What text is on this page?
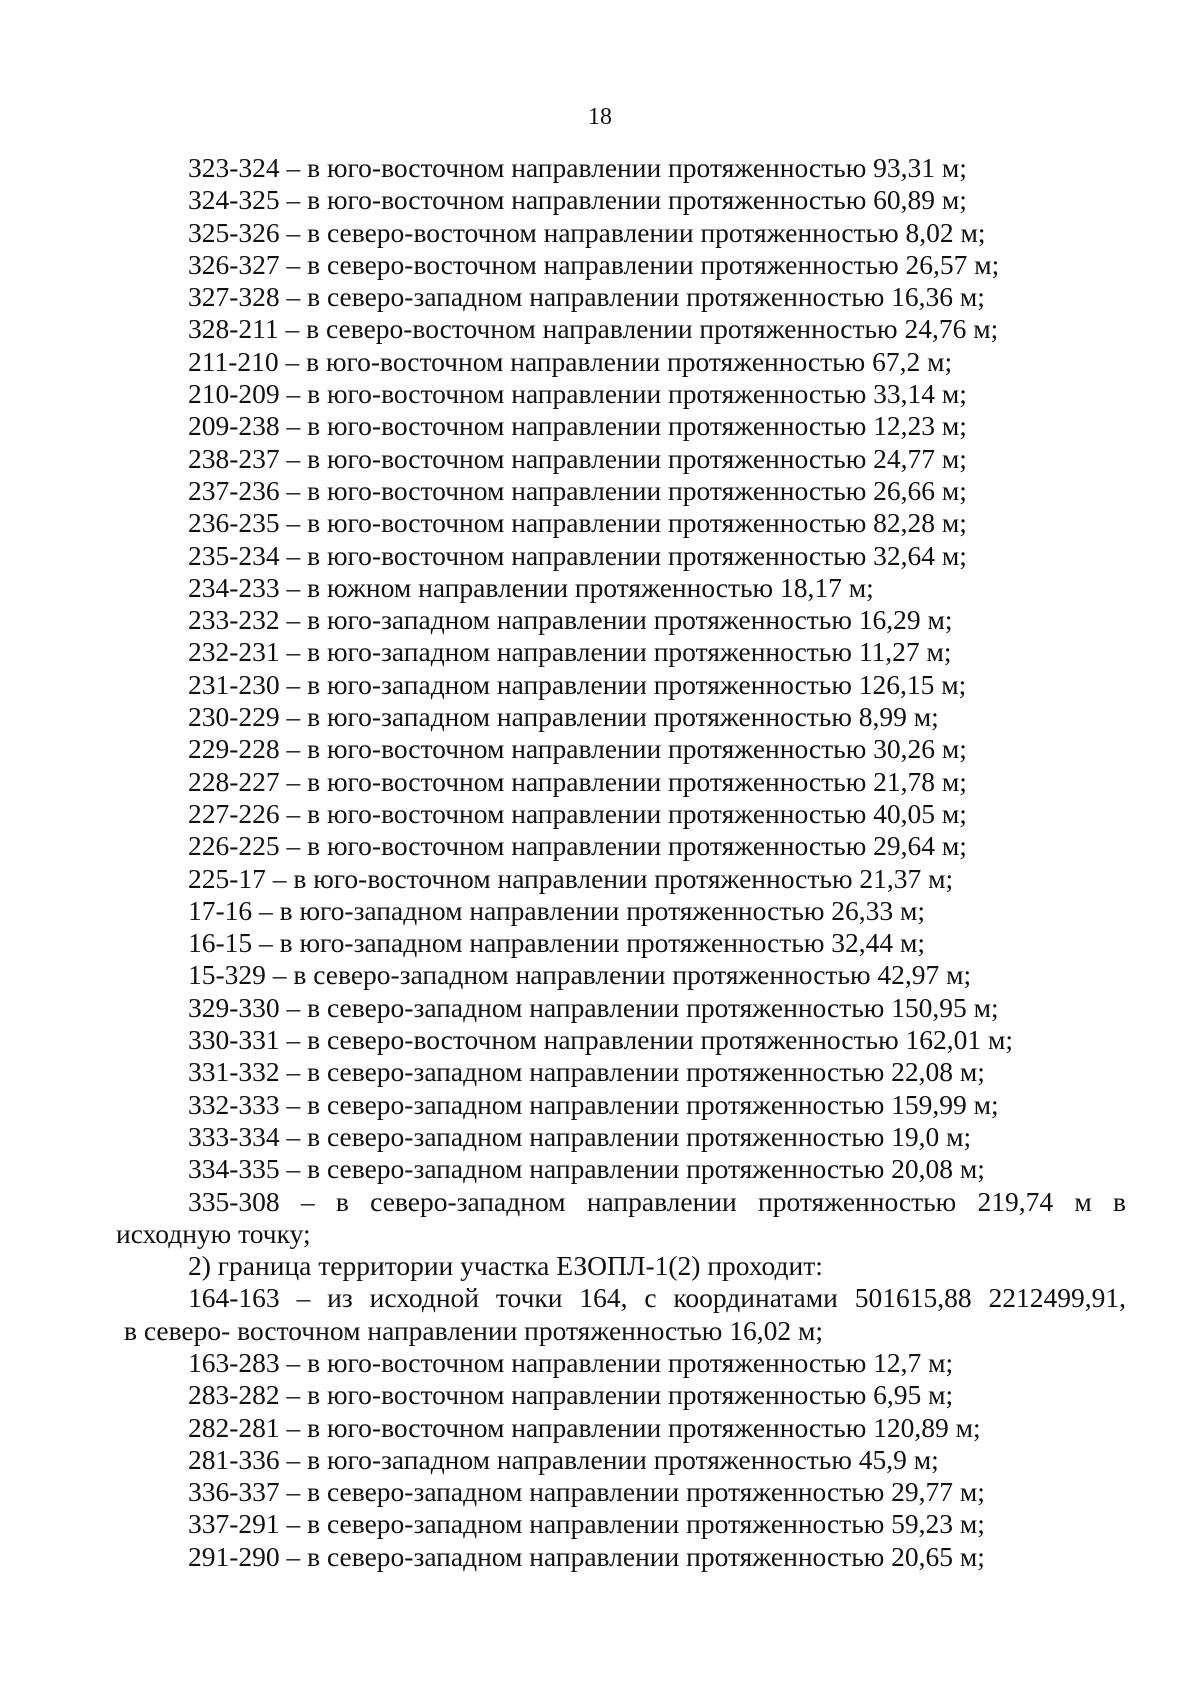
18
323-324 – в юго-восточном направлении протяженностью 93,31 м;
324-325 – в юго-восточном направлении протяженностью 60,89 м;
325-326 – в северо-восточном направлении протяженностью 8,02 м;
326-327 – в северо-восточном направлении протяженностью 26,57 м;
327-328 – в северо-западном направлении протяженностью 16,36 м;
328-211 – в северо-восточном направлении протяженностью 24,76 м;
211-210 – в юго-восточном направлении протяженностью 67,2 м;
210-209 – в юго-восточном направлении протяженностью 33,14 м;
209-238 – в юго-восточном направлении протяженностью 12,23 м;
238-237 – в юго-восточном направлении протяженностью 24,77 м;
237-236 – в юго-восточном направлении протяженностью 26,66 м;
236-235 – в юго-восточном направлении протяженностью 82,28 м;
235-234 – в юго-восточном направлении протяженностью 32,64 м;
234-233 – в южном направлении протяженностью 18,17 м;
233-232 – в юго-западном направлении протяженностью 16,29 м;
232-231 – в юго-западном направлении протяженностью 11,27 м;
231-230 – в юго-западном направлении протяженностью 126,15 м;
230-229 – в юго-западном направлении протяженностью 8,99 м;
229-228 – в юго-восточном направлении протяженностью 30,26 м;
228-227 – в юго-восточном направлении протяженностью 21,78 м;
227-226 – в юго-восточном направлении протяженностью 40,05 м;
226-225 – в юго-восточном направлении протяженностью 29,64 м;
225-17 – в юго-восточном направлении протяженностью 21,37 м;
17-16 – в юго-западном направлении протяженностью 26,33 м;
16-15 – в юго-западном направлении протяженностью 32,44 м;
15-329 – в северо-западном направлении протяженностью 42,97 м;
329-330 – в северо-западном направлении протяженностью 150,95 м;
330-331 – в северо-восточном направлении протяженностью 162,01 м;
331-332 – в северо-западном направлении протяженностью 22,08 м;
332-333 – в северо-западном направлении протяженностью 159,99 м;
333-334 – в северо-западном направлении протяженностью 19,0 м;
334-335 – в северо-западном направлении протяженностью 20,08 м;
335-308 – в северо-западном направлении протяженностью 219,74 м в
исходную точку;
2) граница территории участка ЕЗОПЛ-1(2) проходит:
164-163 – из исходной точки 164, с координатами 501615,88 2212499,91,
в северо- восточном направлении протяженностью 16,02 м;
163-283 – в юго-восточном направлении протяженностью 12,7 м;
283-282 – в юго-восточном направлении протяженностью 6,95 м;
282-281 – в юго-восточном направлении протяженностью 120,89 м;
281-336 – в юго-западном направлении протяженностью 45,9 м;
336-337 – в северо-западном направлении протяженностью 29,77 м;
337-291 – в северо-западном направлении протяженностью 59,23 м;
291-290 – в северо-западном направлении протяженностью 20,65 м;
